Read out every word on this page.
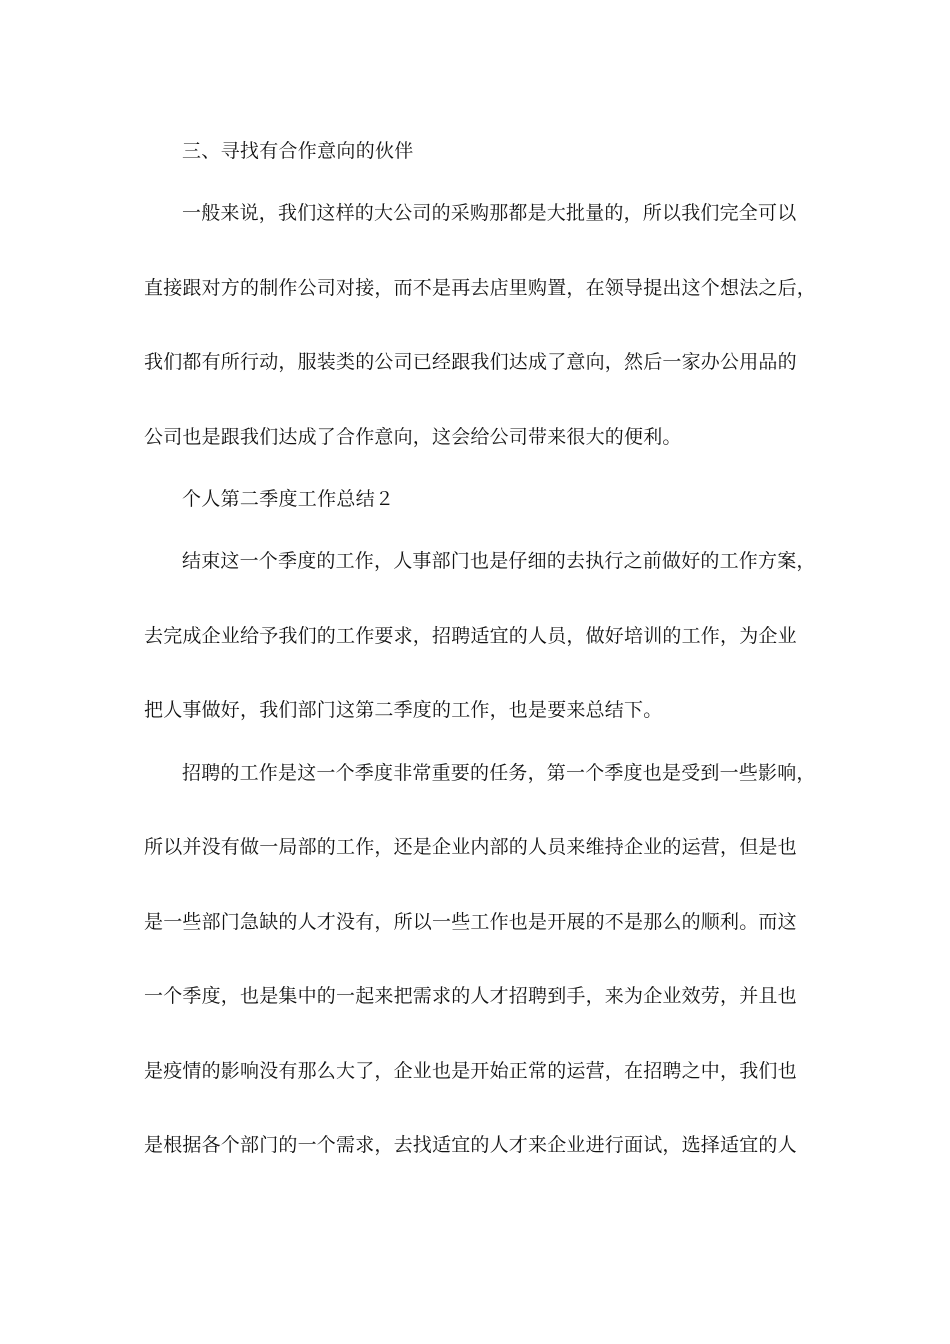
三、寻找有合作意向的伙伴
一般来说，我们这样的大公司的采购那都是大批量的，所以我们完全可以
直接跟对方的制作公司对接，而不是再去店里购置，在领导提出这个想法之后，
我们都有所行动，服装类的公司已经跟我们达成了意向，然后一家办公用品的
公司也是跟我们达成了合作意向，这会给公司带来很大的便利。
个人第二季度工作总结２
结束这一个季度的工作，人事部门也是仔细的去执行之前做好的工作方案，
去完成企业给予我们的工作要求，招聘适宜的人员，做好培训的工作，为企业
把人事做好，我们部门这第二季度的工作，也是要来总结下。
招聘的工作是这一个季度非常重要的任务，第一个季度也是受到一些影响，
所以并没有做一局部的工作，还是企业内部的人员来维持企业的运营，但是也
是一些部门急缺的人才没有，所以一些工作也是开展的不是那么的顺利。而这
一个季度，也是集中的一起来把需求的人才招聘到手，来为企业效劳，并且也
是疫情的影响没有那么大了，企业也是开始正常的运营，在招聘之中，我们也
是根据各个部门的一个需求，去找适宜的人才来企业进行面试，选择适宜的人
